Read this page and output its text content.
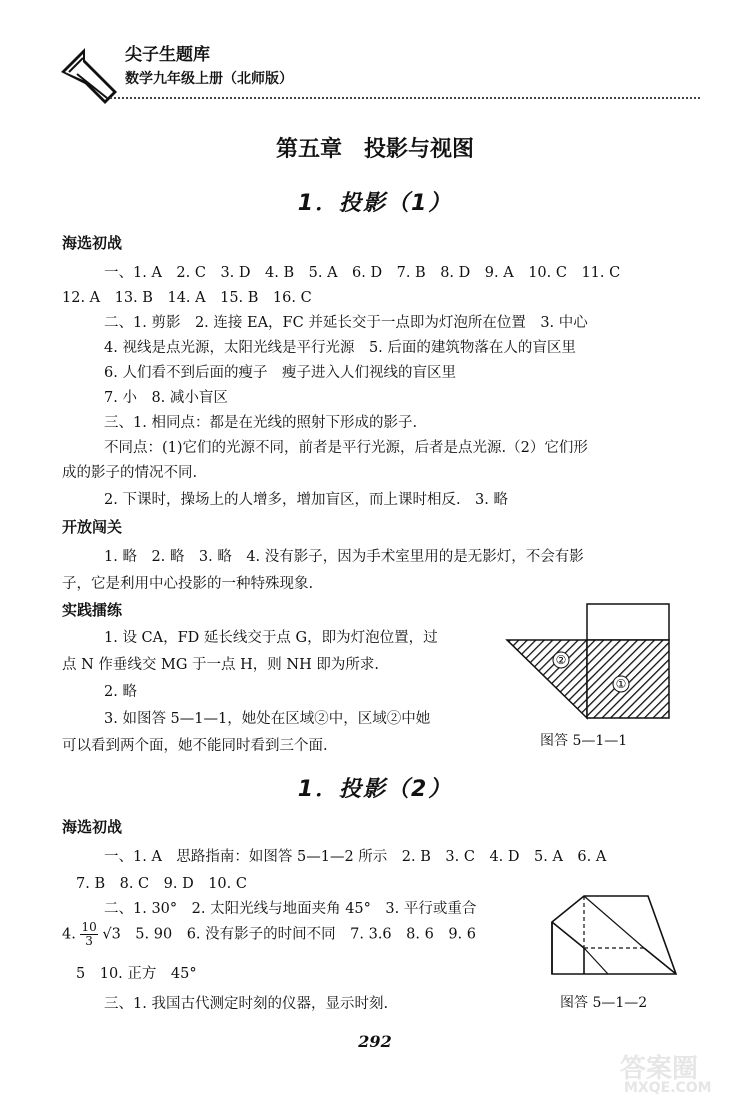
尖子生题库
数学九年级上册（北师版）
第五章　投影与视图
1．投影（1）
海选初战
一、1. A　2. C　3. D　4. B　5. A　6. D　7. B　8. D　9. A　10. C　11. C
12. A　13. B　14. A　15. B　16. C
二、1. 剪影　2. 连接 EA，FC 并延长交于一点即为灯泡所在位置　3. 中心
4. 视线是点光源，太阳光线是平行光源　5. 后面的建筑物落在人的盲区里
6. 人们看不到后面的瘦子　瘦子进入人们视线的盲区里
7. 小　8. 减小盲区
三、1. 相同点：都是在光线的照射下形成的影子.
不同点：(1)它们的光源不同，前者是平行光源，后者是点光源.（2）它们形
成的影子的情况不同.
2. 下课时，操场上的人增多，增加盲区，而上课时相反.　3. 略
开放闯关
1. 略　2. 略　3. 略　4. 没有影子，因为手术室里用的是无影灯，不会有影
子，它是利用中心投影的一种特殊现象.
实践擂练
1. 设 CA，FD 延长线交于点 G，即为灯泡位置，过
点 N 作垂线交 MG 于一点 H，则 NH 即为所求.
2. 略
3. 如图答 5—1—1，她处在区域②中，区域②中她
可以看到两个面，她不能同时看到三个面.
②
①
图答 5—1—1
1．投影（2）
海选初战
一、1. A　思路指南：如图答 5—1—2 所示　2. B　3. C　4. D　5. A　6. A
7. B　8. C　9. D　10. C
二、1. 30°　2. 太阳光线与地面夹角 45°　3. 平行或重合
4. $\frac{10}{3} √3$　5. 90　6. 没有影子的时间不同　7. 3.6　8. 6　9. 6
5　10. 正方　45°
三、1. 我国古代测定时刻的仪器，显示时刻.	图答 5—1—2
292
答案圈
MXQE.COM
